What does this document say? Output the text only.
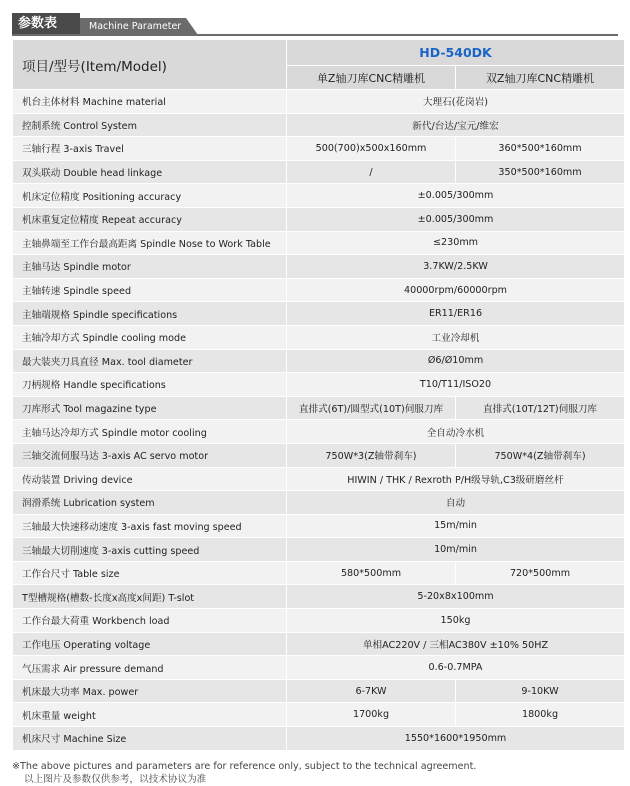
参数表	Machine Parameter
项目/型号(Item/Model)	HD-540DK	
	单Z轴刀库CNC精雕机	双Z轴刀库CNC精雕机
机台主体材料 Machine material	大理石(花岗岩)	
控制系统 Control System	新代/台达/宝元/维宏	
三轴行程 3-axis Travel	500(700)x500x160mm	360*500*160mm
双头联动 Double head linkage	/	350*500*160mm
机床定位精度 Positioning accuracy	±0.005/300mm	
机床重复定位精度 Repeat accuracy	±0.005/300mm	
主轴鼻端至工作台最高距离 Spindle Nose to Work Table	≤230mm	
主轴马达 Spindle motor	3.7KW/2.5KW	
主轴转速 Spindle speed	40000rpm/60000rpm	
主轴端规格 Spindle specifications	ER11/ER16	
主轴冷却方式 Spindle cooling mode	工业冷却机	
最大装夹刀具直径 Max. tool diameter	Ø6/Ø10mm	
刀柄规格 Handle specifications	T10/T11/ISO20	
刀库形式 Tool magazine type	直排式(6T)/圆型式(10T)伺服刀库	直排式(10T/12T)伺服刀库
主轴马达冷却方式 Spindle motor cooling	全自动冷水机	
三轴交流伺服马达 3-axis AC servo motor	750W*3(Z轴带刹车)	750W*4(Z轴带刹车)
传动装置 Driving device	HIWIN / THK / Rexroth P/H级导轨,C3级研磨丝杆	
润滑系统 Lubrication system	自动	
三轴最大快速移动速度 3-axis fast moving speed	15m/min	
三轴最大切削速度 3-axis cutting speed	10m/min	
工作台尺寸 Table size	580*500mm	720*500mm
T型槽规格(槽数-长度x高度x间距) T-slot	5-20x8x100mm	
工作台最大荷重 Workbench load	150kg	
工作电压 Operating voltage	单相AC220V / 三相AC380V ±10% 50HZ	
气压需求 Air pressure demand	0.6-0.7MPA	
机床最大功率 Max. power	6-7KW	9-10KW
机床重量 weight	1700kg	1800kg
机床尺寸 Machine Size	1550*1600*1950mm	
※The above pictures and parameters are for reference only, subject to the technical agreement.
以上图片及参数仅供参考，以技术协议为准
